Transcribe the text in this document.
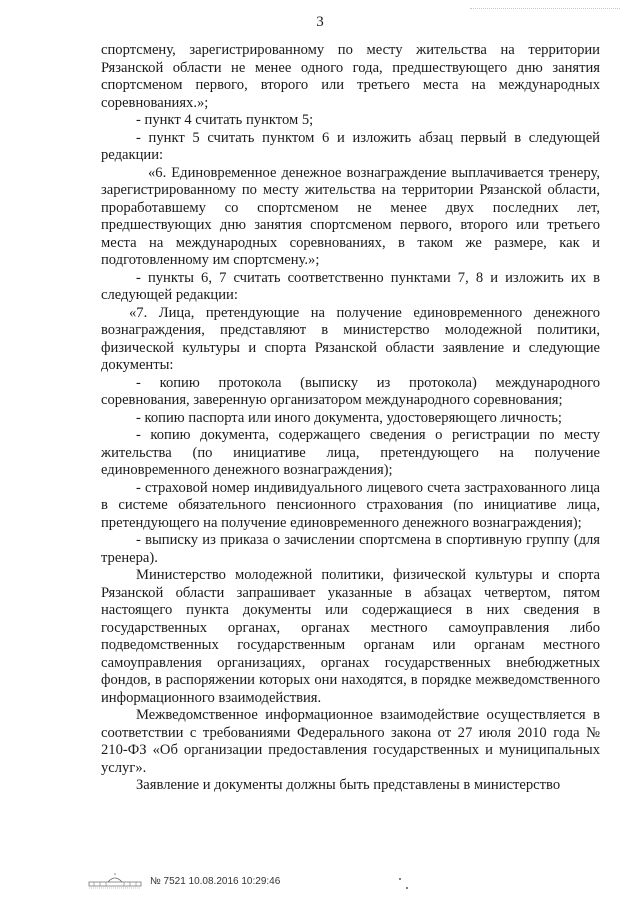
3

спортсмену, зарегистрированному по месту жительства на территории Рязанской области не менее одного года, предшествующего дню занятия спортсменом первого, второго или третьего места на международных соревнованиях.»;

- пункт 4 считать пунктом 5;

- пункт 5 считать пунктом 6 и изложить абзац первый в следующей редакции:

«6. Единовременное денежное вознаграждение выплачивается тренеру, зарегистрированному по месту жительства на территории Рязанской области, проработавшему со спортсменом не менее двух последних лет, предшествующих дню занятия спортсменом первого, второго или третьего места на международных соревнованиях, в таком же размере, как и подготовленному им спортсмену.»;

- пункты 6, 7 считать соответственно пунктами 7, 8 и изложить их в следующей редакции:

«7. Лица, претендующие на получение единовременного денежного вознаграждения, представляют в министерство молодежной политики, физической культуры и спорта Рязанской области заявление и следующие документы:

- копию протокола (выписку из протокола) международного соревнования, заверенную организатором международного соревнования;

- копию паспорта или иного документа, удостоверяющего личность;

- копию документа, содержащего сведения о регистрации по месту жительства (по инициативе лица, претендующего на получение единовременного денежного вознаграждения);

- страховой номер индивидуального лицевого счета застрахованного лица в системе обязательного пенсионного страхования (по инициативе лица, претендующего на получение единовременного денежного вознаграждения);

- выписку из приказа о зачислении спортсмена в спортивную группу (для тренера).

Министерство молодежной политики, физической культуры и спорта Рязанской области запрашивает указанные в абзацах четвертом, пятом настоящего пункта документы или содержащиеся в них сведения в государственных органах, органах местного самоуправления либо подведомственных государственным органам или органам местного самоуправления организациях, органах государственных внебюджетных фондов, в распоряжении которых они находятся, в порядке межведомственного информационного взаимодействия.

Межведомственное информационное взаимодействие осуществляется в соответствии с требованиями Федерального закона от 27 июля 2010 года № 210-ФЗ «Об организации предоставления государственных и муниципальных услуг».

Заявление и документы должны быть представлены в министерство

№ 7521 10.08.2016 10:29:46
